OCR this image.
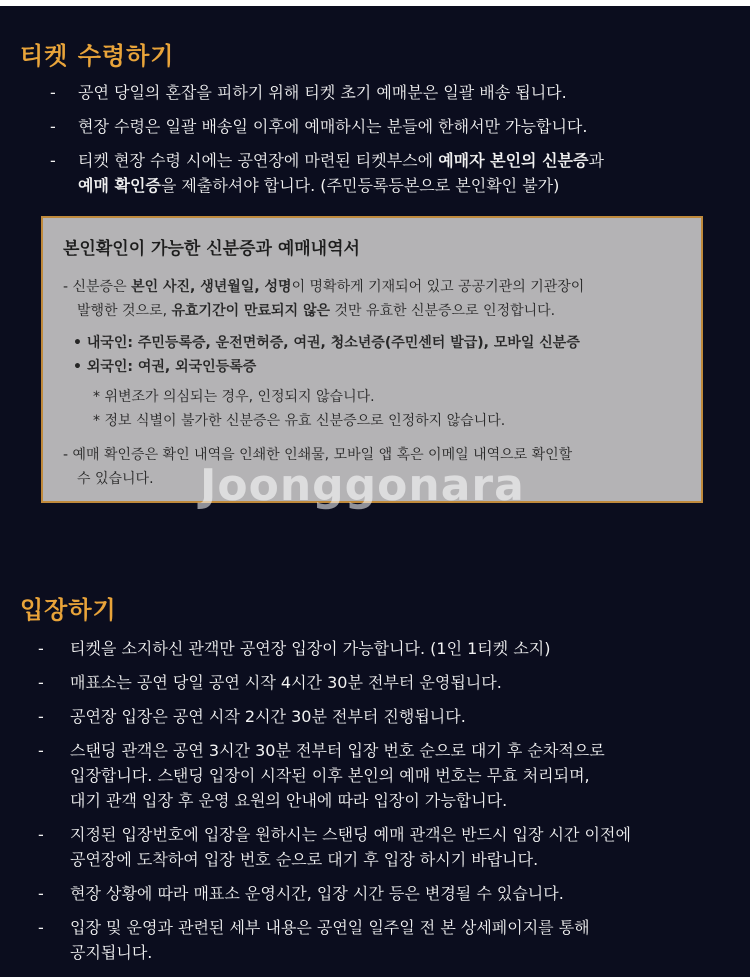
티켓 수령하기
- 공연 당일의 혼잡을 피하기 위해 티켓 초기 예매분은 일괄 배송 됩니다.
- 현장 수령은 일괄 배송일 이후에 예매하시는 분들에 한해서만 가능합니다.
- 티켓 현장 수령 시에는 공연장에 마련된 티켓부스에 예매자 본인의 신분증과
예매 확인증을 제출하셔야 합니다. (주민등록등본으로 본인확인 불가)
본인확인이 가능한 신분증과 예매내역서
- 신분증은 본인 사진, 생년월일, 성명이 명확하게 기재되어 있고 공공기관의 기관장이
발행한 것으로, 유효기간이 만료되지 않은 것만 유효한 신분증으로 인정합니다.
• 내국인: 주민등록증, 운전면허증, 여권, 청소년증(주민센터 발급), 모바일 신분증
• 외국인: 여권, 외국인등록증
* 위변조가 의심되는 경우, 인정되지 않습니다.
* 정보 식별이 불가한 신분증은 유효 신분증으로 인정하지 않습니다.
- 예매 확인증은 확인 내역을 인쇄한 인쇄물, 모바일 앱 혹은 이메일 내역으로 확인할
수 있습니다. Joonggonara
입장하기
- 티켓을 소지하신 관객만 공연장 입장이 가능합니다. (1인 1티켓 소지)
- 매표소는 공연 당일 공연 시작 4시간 30분 전부터 운영됩니다.
- 공연장 입장은 공연 시작 2시간 30분 전부터 진행됩니다.
- 스탠딩 관객은 공연 3시간 30분 전부터 입장 번호 순으로 대기 후 순차적으로
입장합니다. 스탠딩 입장이 시작된 이후 본인의 예매 번호는 무효 처리되며,
대기 관객 입장 후 운영 요원의 안내에 따라 입장이 가능합니다.
- 지정된 입장번호에 입장을 원하시는 스탠딩 예매 관객은 반드시 입장 시간 이전에
공연장에 도착하여 입장 번호 순으로 대기 후 입장 하시기 바랍니다.
- 현장 상황에 따라 매표소 운영시간, 입장 시간 등은 변경될 수 있습니다.
- 입장 및 운영과 관련된 세부 내용은 공연일 일주일 전 본 상세페이지를 통해
공지됩니다.
